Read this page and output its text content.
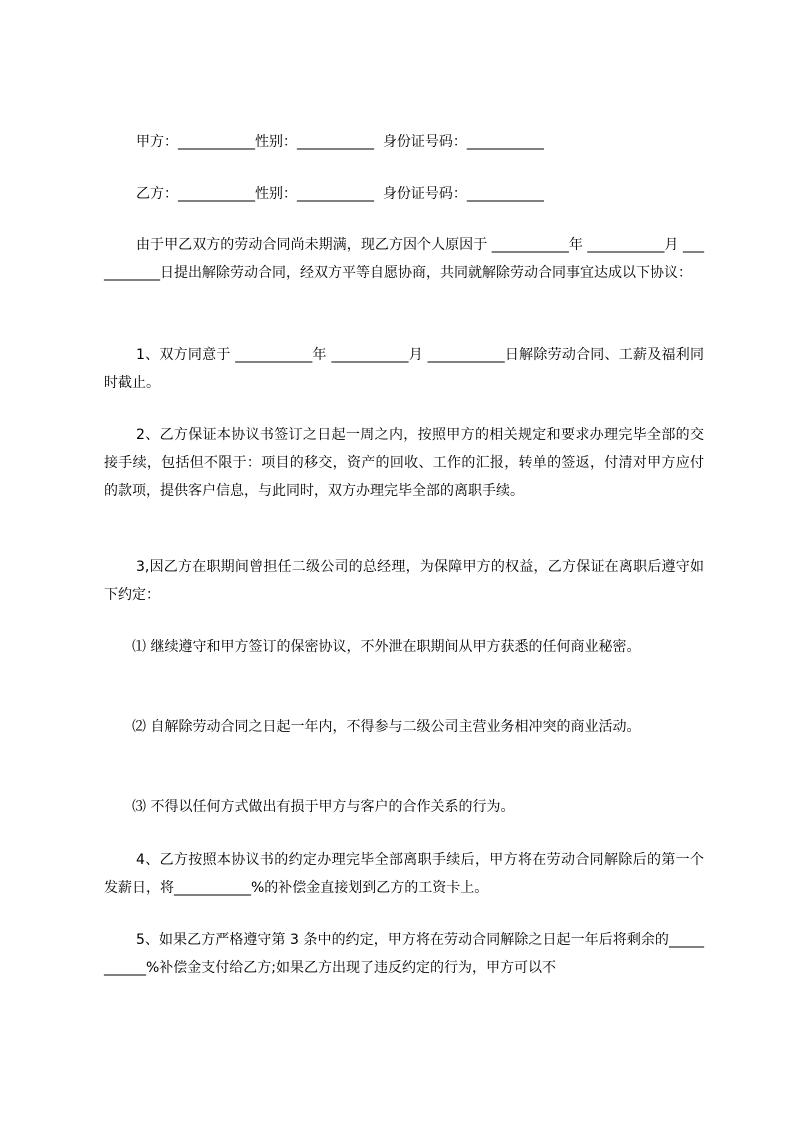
甲方：___________性别：___________  身份证号码：___________
乙方：___________性别：___________  身份证号码：___________
由于甲乙双方的劳动合同尚未期满，现乙方因个人原因于 ___________年 ___________月 ___________日提出解除劳动合同，经双方平等自愿协商，共同就解除劳动合同事宜达成以下协议：
1、双方同意于 ___________年 ___________月 ___________日解除劳动合同、工薪及福利同时截止。
2、乙方保证本协议书签订之日起一周之内，按照甲方的相关规定和要求办理完毕全部的交接手续，包括但不限于：项目的移交，资产的回收、工作的汇报，转单的签返，付清对甲方应付的款项，提供客户信息，与此同时，双方办理完毕全部的离职手续。
3,因乙方在职期间曾担任二级公司的总经理，为保障甲方的权益，乙方保证在离职后遵守如下约定：
⑴ 继续遵守和甲方签订的保密协议，不外泄在职期间从甲方获悉的任何商业秘密。
⑵ 自解除劳动合同之日起一年内，不得参与二级公司主营业务相冲突的商业活动。
⑶ 不得以任何方式做出有损于甲方与客户的合作关系的行为。
4、乙方按照本协议书的约定办理完毕全部离职手续后，甲方将在劳动合同解除后的第一个发薪日，将___________%的补偿金直接划到乙方的工资卡上。
5、如果乙方严格遵守第 3 条中的约定，甲方将在劳动合同解除之日起一年后将剩余的___________%补偿金支付给乙方;如果乙方出现了违反约定的行为，甲方可以不
